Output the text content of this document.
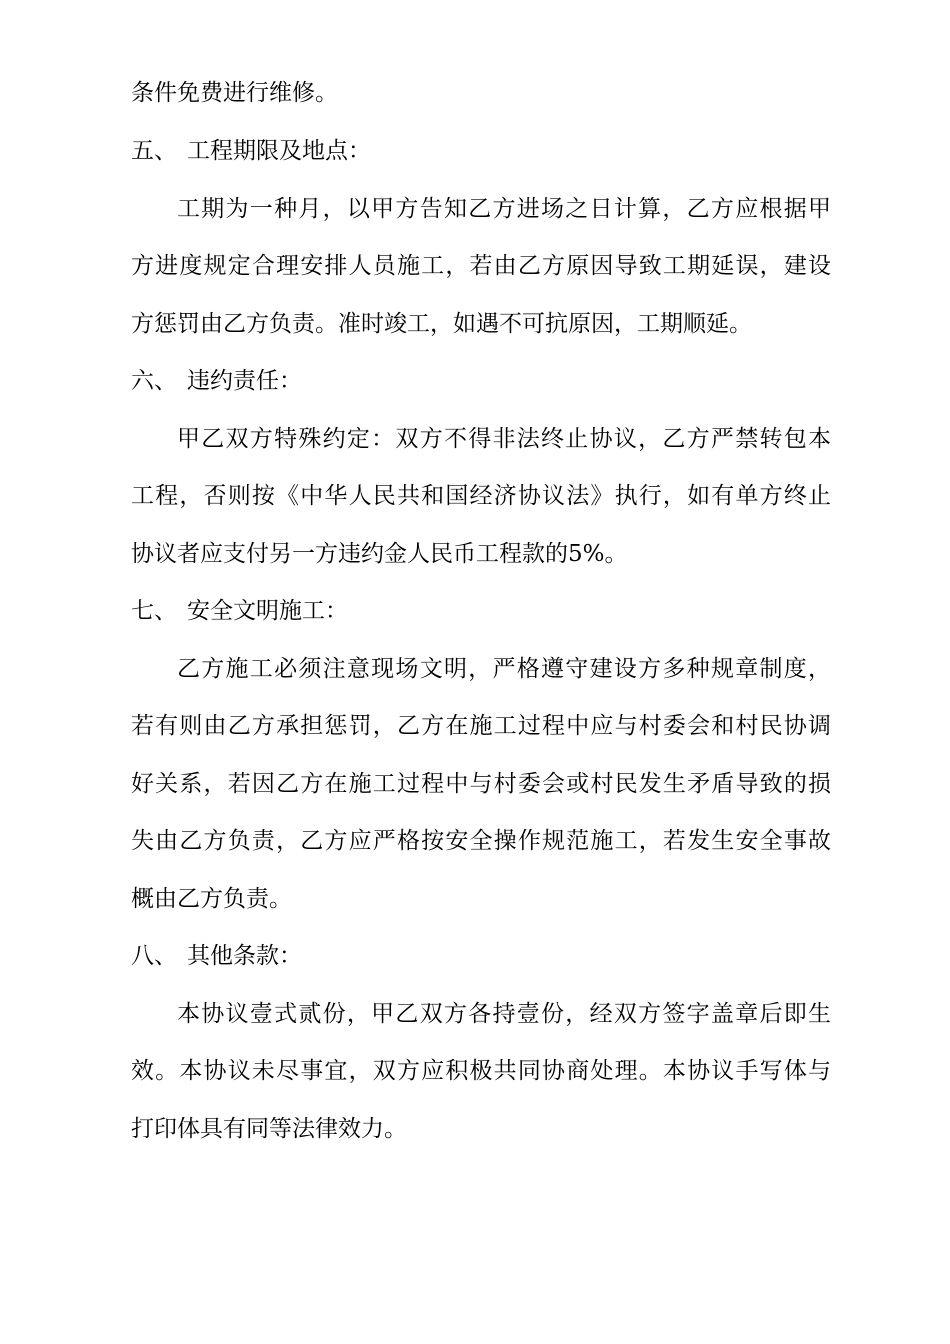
条件免费进行维修。
五、 工程期限及地点：
工期为一种月，以甲方告知乙方进场之日计算，乙方应根据甲
方进度规定合理安排人员施工，若由乙方原因导致工期延误，建设
方惩罚由乙方负责。准时竣工，如遇不可抗原因，工期顺延。
六、 违约责任：
甲乙双方特殊约定：双方不得非法终止协议，乙方严禁转包本
工程，否则按《中华人民共和国经济协议法》执行，如有单方终止
协议者应支付另一方违约金人民币工程款的5%。
七、 安全文明施工：
乙方施工必须注意现场文明，严格遵守建设方多种规章制度，
若有则由乙方承担惩罚，乙方在施工过程中应与村委会和村民协调
好关系，若因乙方在施工过程中与村委会或村民发生矛盾导致的损
失由乙方负责，乙方应严格按安全操作规范施工，若发生安全事故
概由乙方负责。
八、 其他条款：
本协议壹式贰份，甲乙双方各持壹份，经双方签字盖章后即生
效。本协议未尽事宜，双方应积极共同协商处理。本协议手写体与
打印体具有同等法律效力。
